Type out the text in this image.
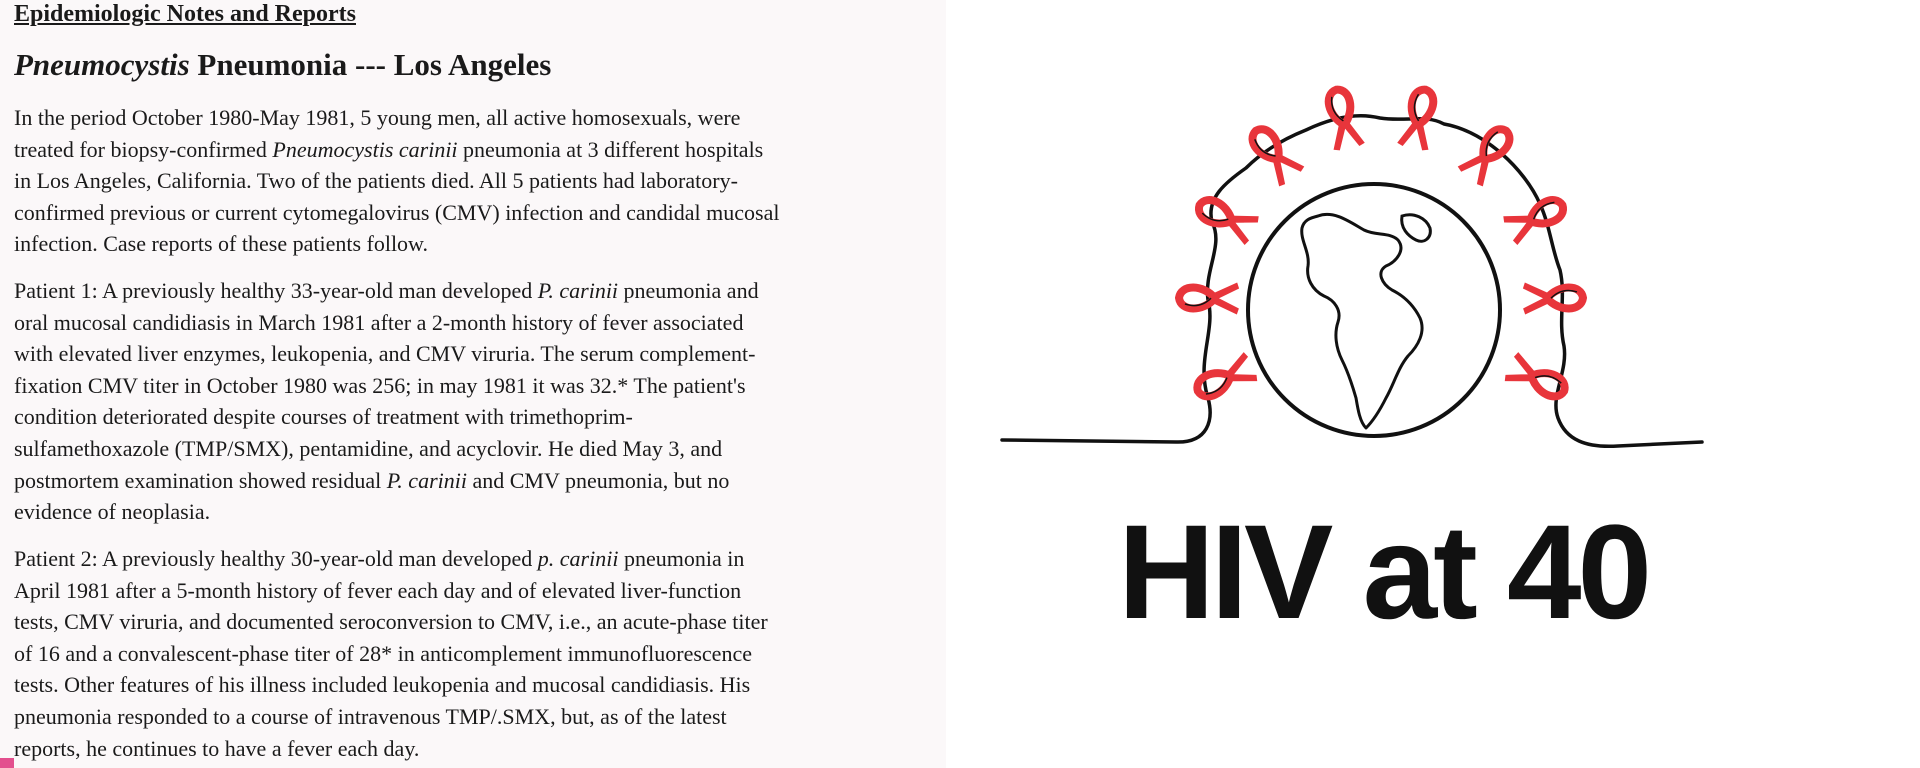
Epidemiologic Notes and Reports

Pneumocystis Pneumonia --- Los Angeles
In the period October 1980-May 1981, 5 young men, all active homosexuals, were
treated for biopsy-confirmed Pneumocystis carinii pneumonia at 3 different hospitals
in Los Angeles, California. Two of the patients died. All 5 patients had laboratory-
confirmed previous or current cytomegalovirus (CMV) infection and candidal mucosal
infection. Case reports of these patients follow.
Patient 1: A previously healthy 33-year-old man developed P. carinii pneumonia and
oral mucosal candidiasis in March 1981 after a 2-month history of fever associated
with elevated liver enzymes, leukopenia, and CMV viruria. The serum complement-
fixation CMV titer in October 1980 was 256; in may 1981 it was 32.* The patient's
condition deteriorated despite courses of treatment with trimethoprim-
sulfamethoxazole (TMP/SMX), pentamidine, and acyclovir. He died May 3, and
postmortem examination showed residual P. carinii and CMV pneumonia, but no
evidence of neoplasia.
Patient 2: A previously healthy 30-year-old man developed p. carinii pneumonia in
April 1981 after a 5-month history of fever each day and of elevated liver-function
tests, CMV viruria, and documented seroconversion to CMV, i.e., an acute-phase titer
of 16 and a convalescent-phase titer of 28* in anticomplement immunofluorescence
tests. Other features of his illness included leukopenia and mucosal candidiasis. His
pneumonia responded to a course of intravenous TMP/.SMX, but, as of the latest
reports, he continues to have a fever each day.

HIV at 40
